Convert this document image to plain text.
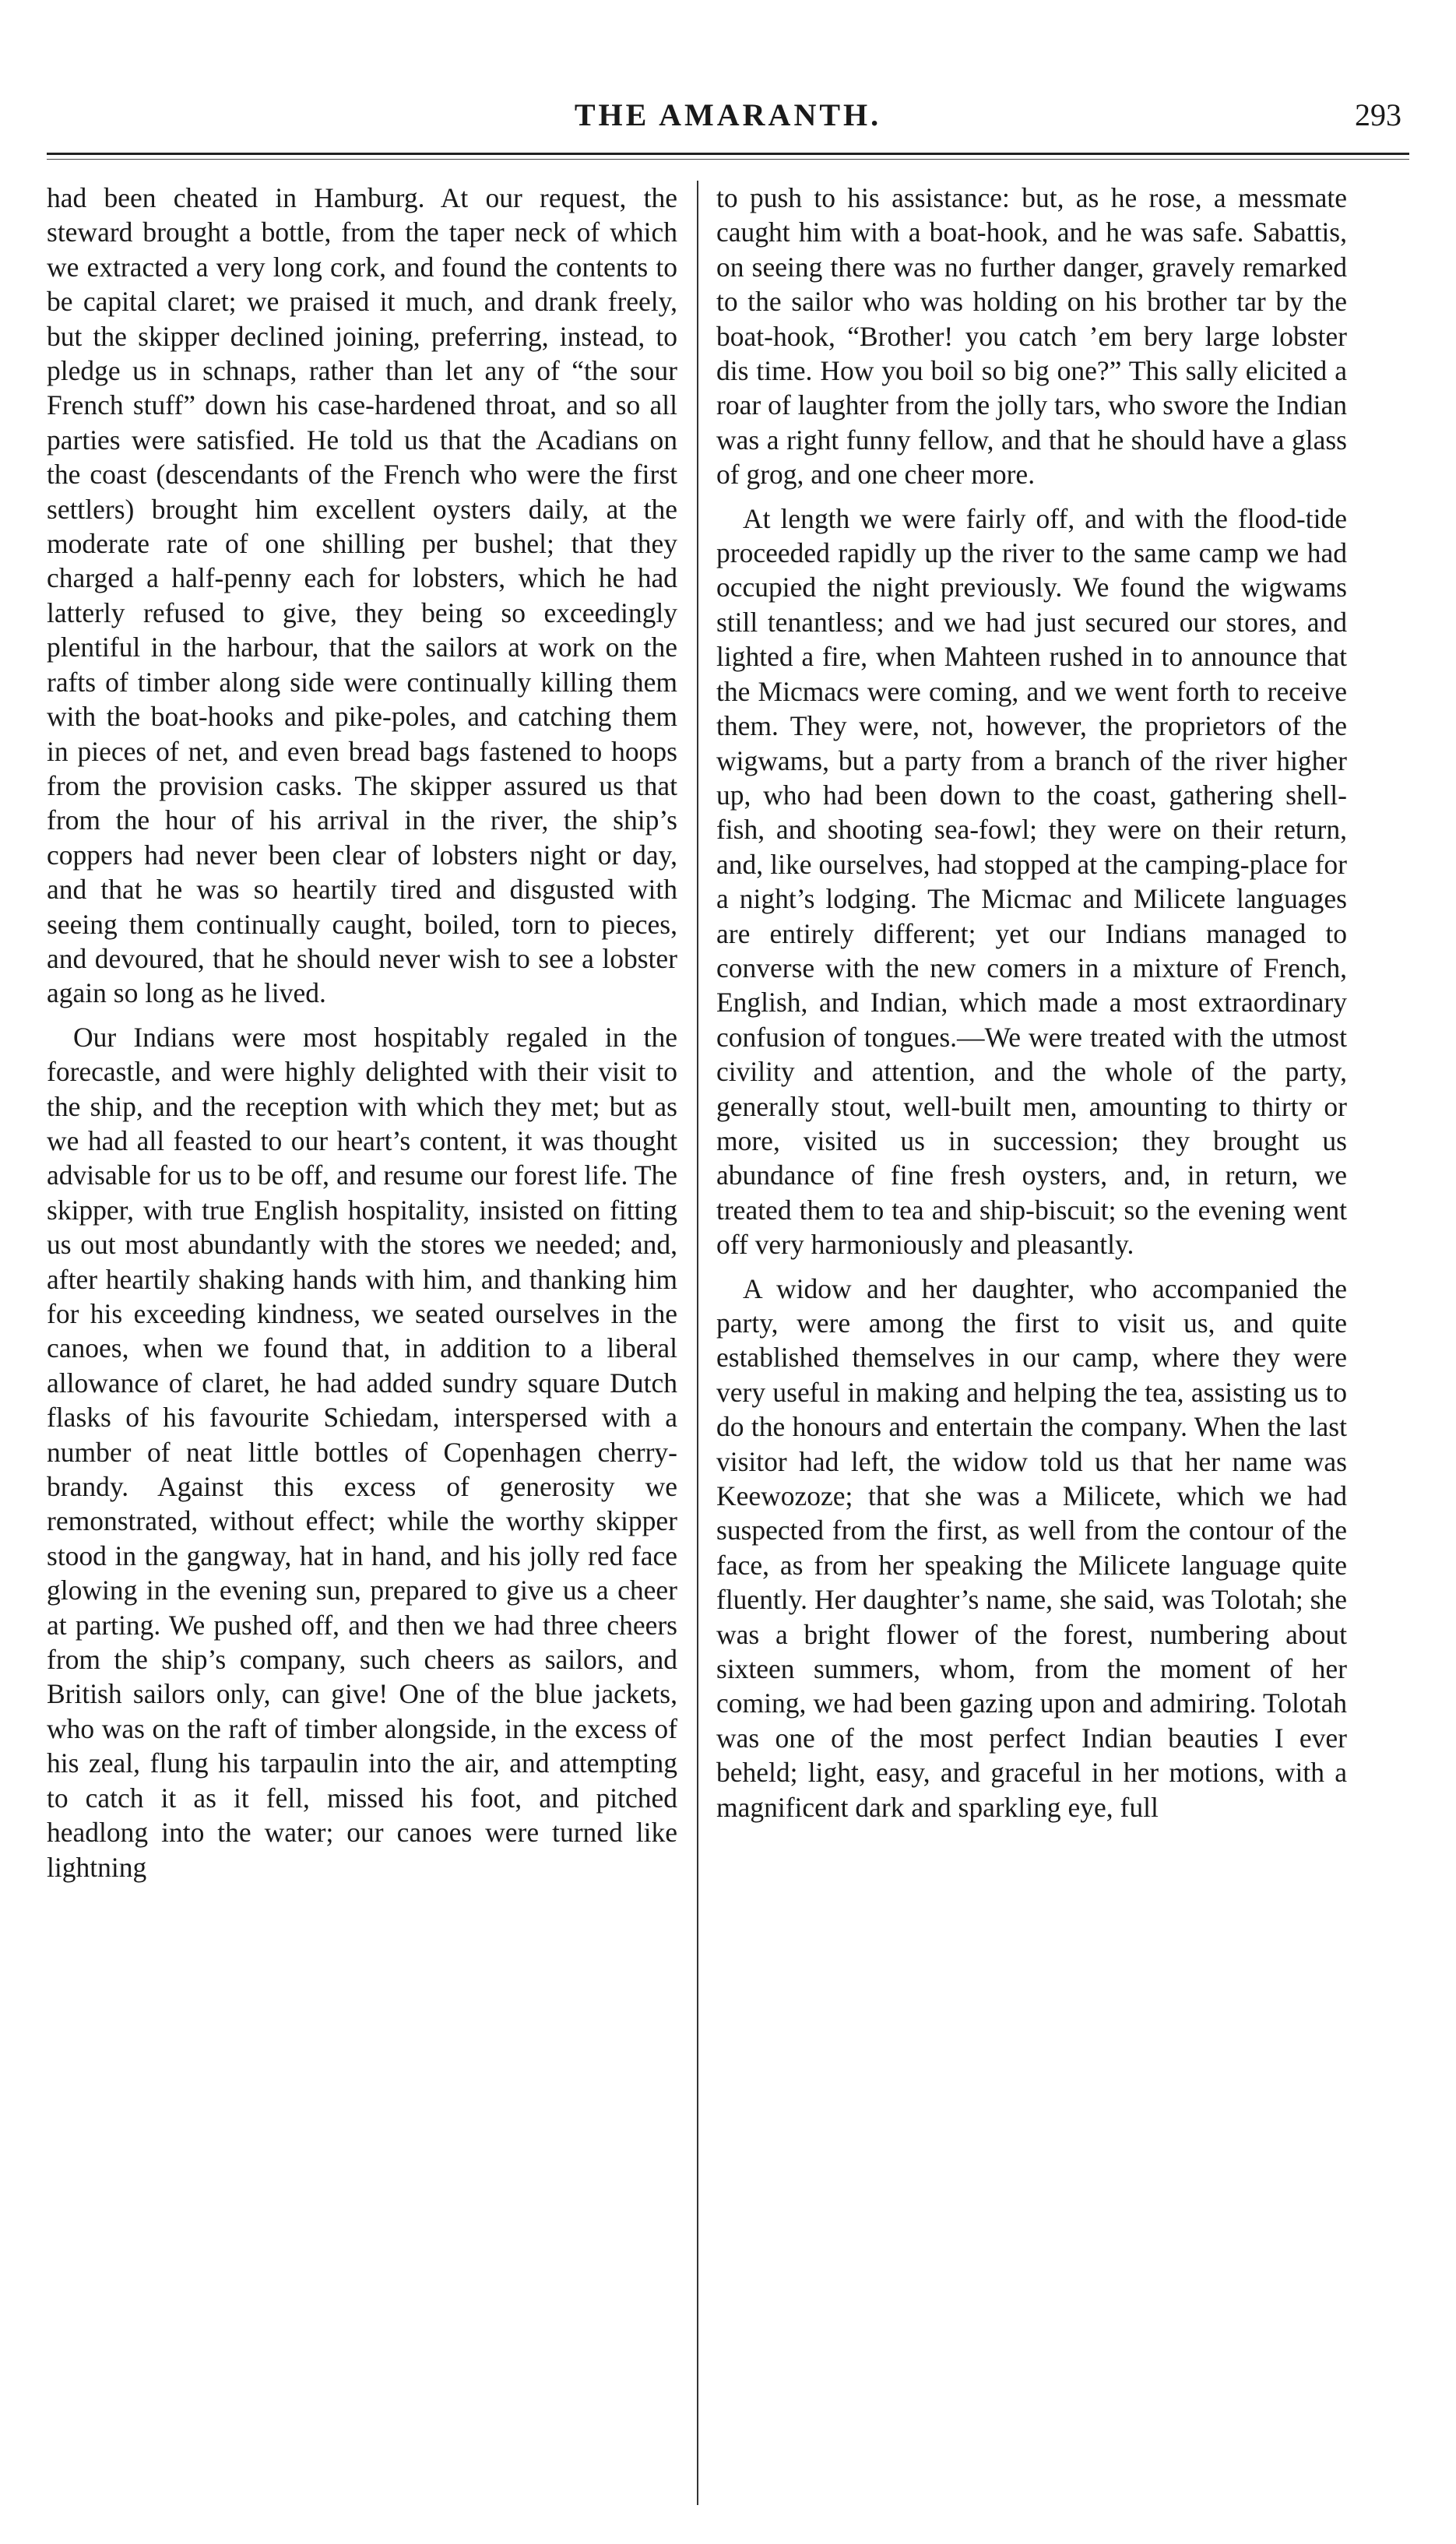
THE AMARANTH.	293

had been cheated in Hamburg. At our request, the steward brought a bottle, from the taper neck of which we extracted a very long cork, and found the contents to be capital claret; we praised it much, and drank freely, but the skipper declined joining, preferring, instead, to pledge us in schnaps, rather than let any of “the sour French stuff” down his case-hardened throat, and so all parties were satisfied. He told us that the Acadians on the coast (descendants of the French who were the first settlers) brought him excellent oysters daily, at the moderate rate of one shilling per bushel; that they charged a half-penny each for lobsters, which he had latterly refused to give, they being so exceedingly plentiful in the harbour, that the sailors at work on the rafts of timber along side were continually killing them with the boat-hooks and pike-poles, and catching them in pieces of net, and even bread bags fastened to hoops from the provision casks. The skipper assured us that from the hour of his arrival in the river, the ship’s coppers had never been clear of lobsters night or day, and that he was so heartily tired and disgusted with seeing them continually caught, boiled, torn to pieces, and devoured, that he should never wish to see a lobster again so long as he lived.

Our Indians were most hospitably regaled in the forecastle, and were highly delighted with their visit to the ship, and the reception with which they met; but as we had all feasted to our heart’s content, it was thought advisable for us to be off, and resume our forest life. The skipper, with true English hospitality, insisted on fitting us out most abundantly with the stores we needed; and, after heartily shaking hands with him, and thanking him for his exceeding kindness, we seated ourselves in the canoes, when we found that, in addition to a liberal allowance of claret, he had added sundry square Dutch flasks of his favourite Schiedam, interspersed with a number of neat little bottles of Copenhagen cherry-brandy. Against this excess of generosity we remonstrated, without effect; while the worthy skipper stood in the gangway, hat in hand, and his jolly red face glowing in the evening sun, prepared to give us a cheer at parting. We pushed off, and then we had three cheers from the ship’s company, such cheers as sailors, and British sailors only, can give! One of the blue jackets, who was on the raft of timber alongside, in the excess of his zeal, flung his tarpaulin into the air, and attempting to catch it as it fell, missed his foot, and pitched headlong into the water; our canoes were turned like lightning

to push to his assistance: but, as he rose, a messmate caught him with a boat-hook, and he was safe. Sabattis, on seeing there was no further danger, gravely remarked to the sailor who was holding on his brother tar by the boat-hook, “Brother! you catch ’em bery large lobster dis time. How you boil so big one?” This sally elicited a roar of laughter from the jolly tars, who swore the Indian was a right funny fellow, and that he should have a glass of grog, and one cheer more.

At length we were fairly off, and with the flood-tide proceeded rapidly up the river to the same camp we had occupied the night previously. We found the wigwams still tenantless; and we had just secured our stores, and lighted a fire, when Mahteen rushed in to announce that the Micmacs were coming, and we went forth to receive them. They were, not, however, the proprietors of the wigwams, but a party from a branch of the river higher up, who had been down to the coast, gathering shell-fish, and shooting sea-fowl; they were on their return, and, like ourselves, had stopped at the camping-place for a night’s lodging. The Micmac and Milicete languages are entirely different; yet our Indians managed to converse with the new comers in a mixture of French, English, and Indian, which made a most extraordinary confusion of tongues.—We were treated with the utmost civility and attention, and the whole of the party, generally stout, well-built men, amounting to thirty or more, visited us in succession; they brought us abundance of fine fresh oysters, and, in return, we treated them to tea and ship-biscuit; so the evening went off very harmoniously and pleasantly.

A widow and her daughter, who accompanied the party, were among the first to visit us, and quite established themselves in our camp, where they were very useful in making and helping the tea, assisting us to do the honours and entertain the company. When the last visitor had left, the widow told us that her name was Keewozoze; that she was a Milicete, which we had suspected from the first, as well from the contour of the face, as from her speaking the Milicete language quite fluently. Her daughter’s name, she said, was Tolotah; she was a bright flower of the forest, numbering about sixteen summers, whom, from the moment of her coming, we had been gazing upon and admiring. Tolotah was one of the most perfect Indian beauties I ever beheld; light, easy, and graceful in her motions, with a magnificent dark and sparkling eye, full
